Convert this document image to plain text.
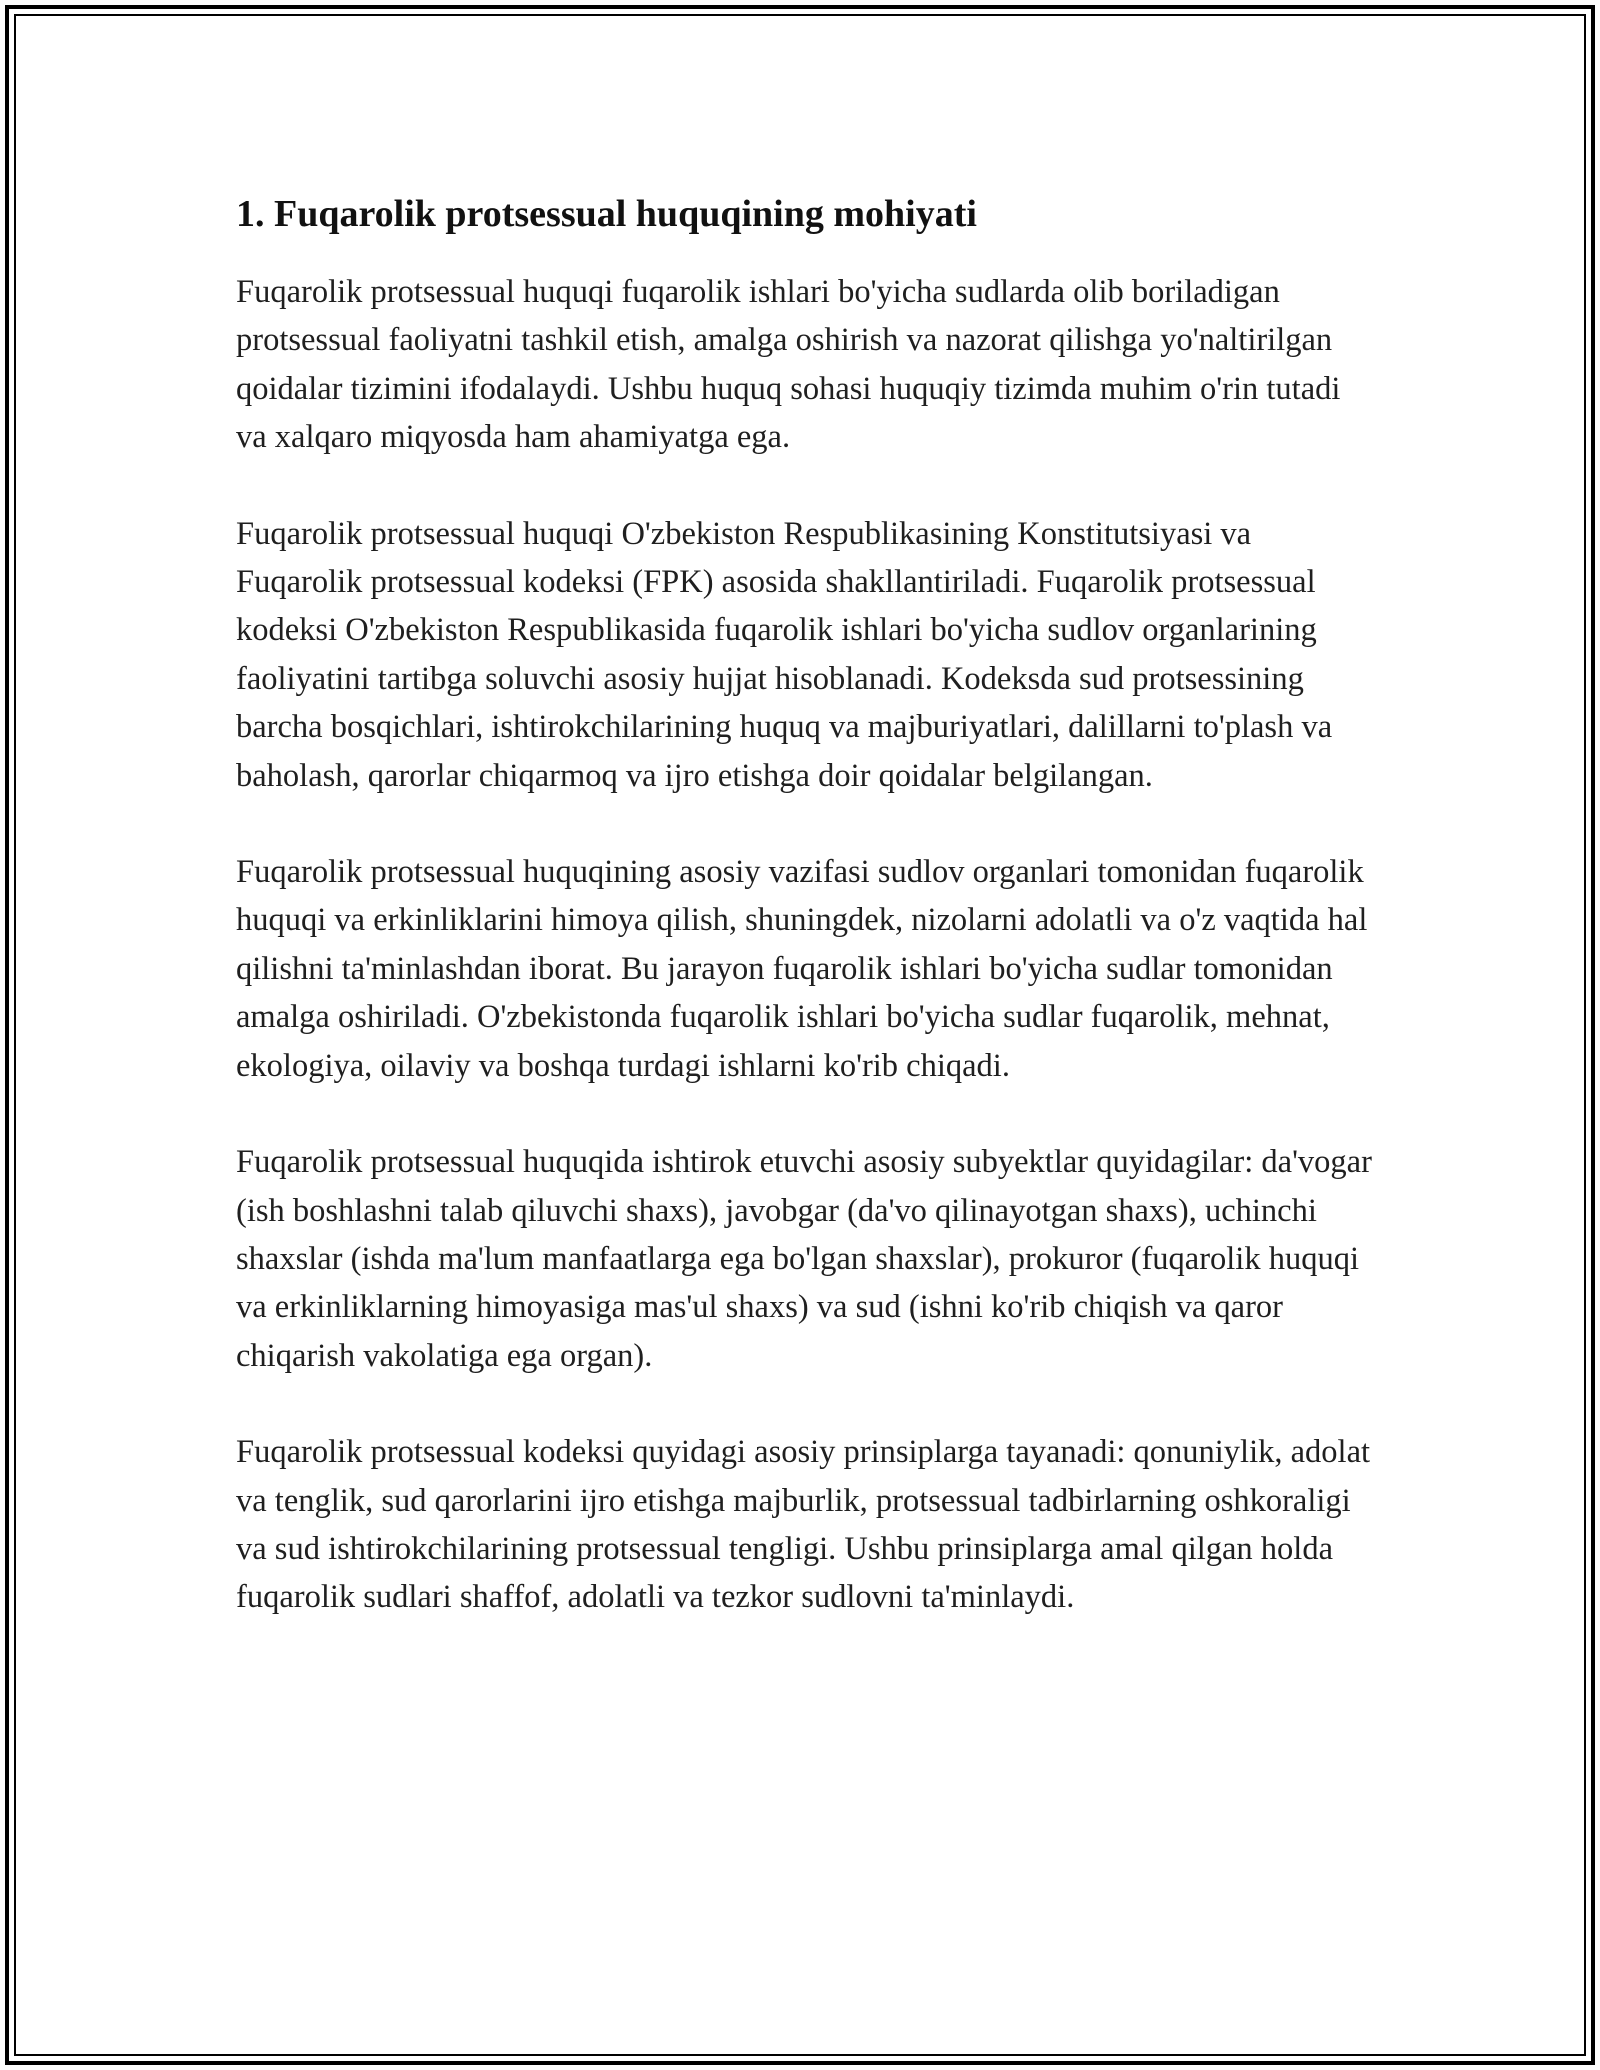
1. Fuqarolik protsessual huquqining mohiyati

Fuqarolik protsessual huquqi fuqarolik ishlari bo'yicha sudlarda olib boriladigan protsessual faoliyatni tashkil etish, amalga oshirish va nazorat qilishga yo'naltirilgan qoidalar tizimini ifodalaydi. Ushbu huquq sohasi huquqiy tizimda muhim o'rin tutadi va xalqaro miqyosda ham ahamiyatga ega.

Fuqarolik protsessual huquqi O'zbekiston Respublikasining Konstitutsiyasi va Fuqarolik protsessual kodeksi (FPK) asosida shakllantiriladi. Fuqarolik protsessual kodeksi O'zbekiston Respublikasida fuqarolik ishlari bo'yicha sudlov organlarining faoliyatini tartibga soluvchi asosiy hujjat hisoblanadi. Kodeksda sud protsessining barcha bosqichlari, ishtirokchilarining huquq va majburiyatlari, dalillarni to'plash va baholash, qarorlar chiqarmoq va ijro etishga doir qoidalar belgilangan.

Fuqarolik protsessual huquqining asosiy vazifasi sudlov organlari tomonidan fuqarolik huquqi va erkinliklarini himoya qilish, shuningdek, nizolarni adolatli va o'z vaqtida hal qilishni ta'minlashdan iborat. Bu jarayon fuqarolik ishlari bo'yicha sudlar tomonidan amalga oshiriladi. O'zbekistonda fuqarolik ishlari bo'yicha sudlar fuqarolik, mehnat, ekologiya, oilaviy va boshqa turdagi ishlarni ko'rib chiqadi.

Fuqarolik protsessual huquqida ishtirok etuvchi asosiy subyektlar quyidagilar: da'vogar (ish boshlashni talab qiluvchi shaxs), javobgar (da'vo qilinayotgan shaxs), uchinchi shaxslar (ishda ma'lum manfaatlarga ega bo'lgan shaxslar), prokuror (fuqarolik huquqi va erkinliklarning himoyasiga mas'ul shaxs) va sud (ishni ko'rib chiqish va qaror chiqarish vakolatiga ega organ).

Fuqarolik protsessual kodeksi quyidagi asosiy prinsiplarga tayanadi: qonuniylik, adolat va tenglik, sud qarorlarini ijro etishga majburlik, protsessual tadbirlarning oshkoraligi va sud ishtirokchilarining protsessual tengligi. Ushbu prinsiplarga amal qilgan holda fuqarolik sudlari shaffof, adolatli va tezkor sudlovni ta'minlaydi.
